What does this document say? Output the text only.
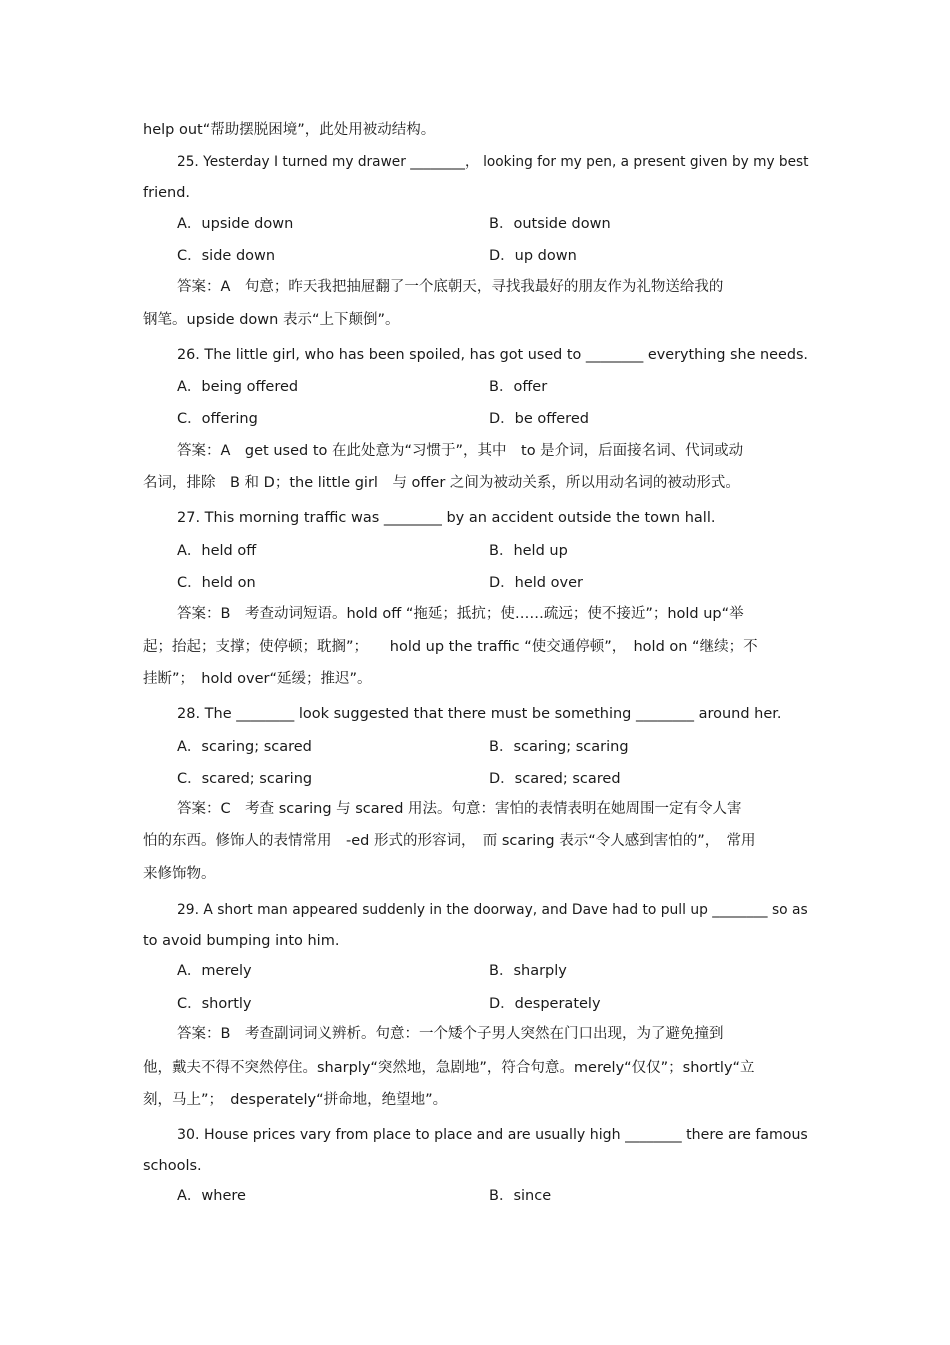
help out“帮助摆脱困境”，此处用被动结构。
25. Yesterday I turned my drawer ________， looking for my pen, a present given by my best
friend.
A．upside down	B．outside down
C．side down	D．up down
答案：A　句意；昨天我把抽屉翻了一个底朝天，寻找我最好的朋友作为礼物送给我的
钢笔。upside down 表示“上下颠倒”。
26. The little girl, who has been spoiled, has got used to ________ everything she needs.
A．being offered	B．offer
C．offering	D．be offered
答案：A　get used to 在此处意为“习惯于”，其中　to 是介词，后面接名词、代词或动
名词，排除　B 和 D；the little girl　与 offer 之间为被动关系，所以用动名词的被动形式。
27. This morning traffic was ________ by an accident outside the town hall.
A．held off	B．held up
C．held on	D．held over
答案：B　考查动词短语。hold off “拖延；抵抗；使……疏远；使不接近”；hold up“举
起；抬起；支撑；使停顿；耽搁”；　　hold up the traffic “使交通停顿”，　hold on “继续；不
挂断”；　hold over“延缓；推迟”。
28. The ________ look suggested that there must be something ________ around her.
A．scaring; scared	B．scaring; scaring
C．scared; scaring	D．scared; scared
答案：C　考查 scaring 与 scared 用法。句意：害怕的表情表明在她周围一定有令人害
怕的东西。修饰人的表情常用　-ed 形式的形容词，　而 scaring 表示“令人感到害怕的”，　常用
来修饰物。
29. A short man appeared suddenly in the doorway, and Dave had to pull up ________ so as
to avoid bumping into him.
A．merely	B．sharply
C．shortly	D．desperately
答案：B　考查副词词义辨析。句意：一个矮个子男人突然在门口出现，为了避免撞到
他，戴夫不得不突然停住。sharply“突然地，急剧地”，符合句意。merely“仅仅”；shortly“立
刻，马上”；　desperately“拼命地，绝望地”。
30. House prices vary from place to place and are usually high ________ there are famous
schools.
A．where	B．since
